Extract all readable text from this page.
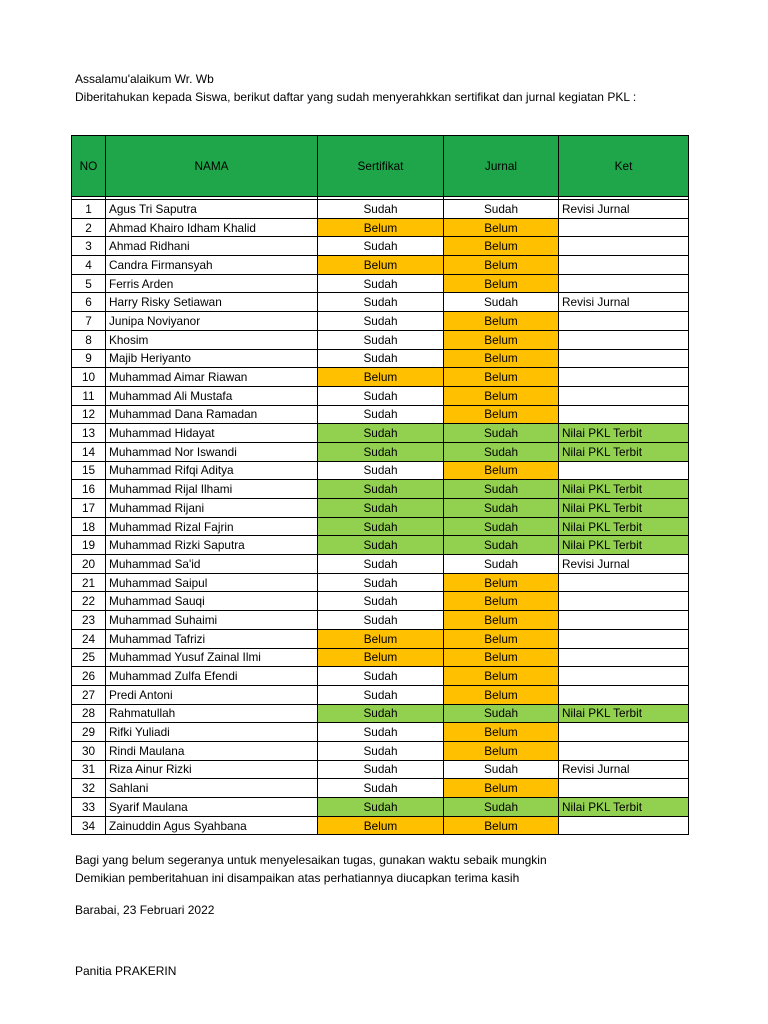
Assalamu'alaikum Wr. Wb
Diberitahukan kepada Siswa, berikut daftar yang sudah menyerahkkan sertifikat dan jurnal kegiatan PKL :
NO	NAMA	Sertifikat	Jurnal	Ket

1	Agus Tri Saputra	Sudah	Sudah	Revisi Jurnal
2	Ahmad Khairo Idham Khalid	Belum	Belum	
3	Ahmad Ridhani	Sudah	Belum	
4	Candra Firmansyah	Belum	Belum	
5	Ferris Arden	Sudah	Belum	
6	Harry Risky Setiawan	Sudah	Sudah	Revisi Jurnal
7	Junipa Noviyanor	Sudah	Belum	
8	Khosim	Sudah	Belum	
9	Majib Heriyanto	Sudah	Belum	
10	Muhammad Aimar Riawan	Belum	Belum	
11	Muhammad Ali Mustafa	Sudah	Belum	
12	Muhammad Dana Ramadan	Sudah	Belum	
13	Muhammad Hidayat	Sudah	Sudah	Nilai PKL Terbit
14	Muhammad Nor Iswandi	Sudah	Sudah	Nilai PKL Terbit
15	Muhammad Rifqi Aditya	Sudah	Belum	
16	Muhammad Rijal Ilhami	Sudah	Sudah	Nilai PKL Terbit
17	Muhammad Rijani	Sudah	Sudah	Nilai PKL Terbit
18	Muhammad Rizal Fajrin	Sudah	Sudah	Nilai PKL Terbit
19	Muhammad Rizki Saputra	Sudah	Sudah	Nilai PKL Terbit
20	Muhammad Sa'id	Sudah	Sudah	Revisi Jurnal
21	Muhammad Saipul	Sudah	Belum	
22	Muhammad Sauqi	Sudah	Belum	
23	Muhammad Suhaimi	Sudah	Belum	
24	Muhammad Tafrizi	Belum	Belum	
25	Muhammad Yusuf Zainal Ilmi	Belum	Belum	
26	Muhammad Zulfa Efendi	Sudah	Belum	
27	Predi Antoni	Sudah	Belum	
28	Rahmatullah	Sudah	Sudah	Nilai PKL Terbit
29	Rifki Yuliadi	Sudah	Belum	
30	Rindi Maulana	Sudah	Belum	
31	Riza Ainur Rizki	Sudah	Sudah	Revisi Jurnal
32	Sahlani	Sudah	Belum	
33	Syarif Maulana	Sudah	Sudah	Nilai PKL Terbit
34	Zainuddin Agus Syahbana	Belum	Belum	
Bagi yang belum segeranya untuk menyelesaikan tugas, gunakan waktu sebaik mungkin
Demikian pemberitahuan ini disampaikan atas perhatiannya diucapkan terima kasih
Barabai, 23 Februari 2022
Panitia PRAKERIN
